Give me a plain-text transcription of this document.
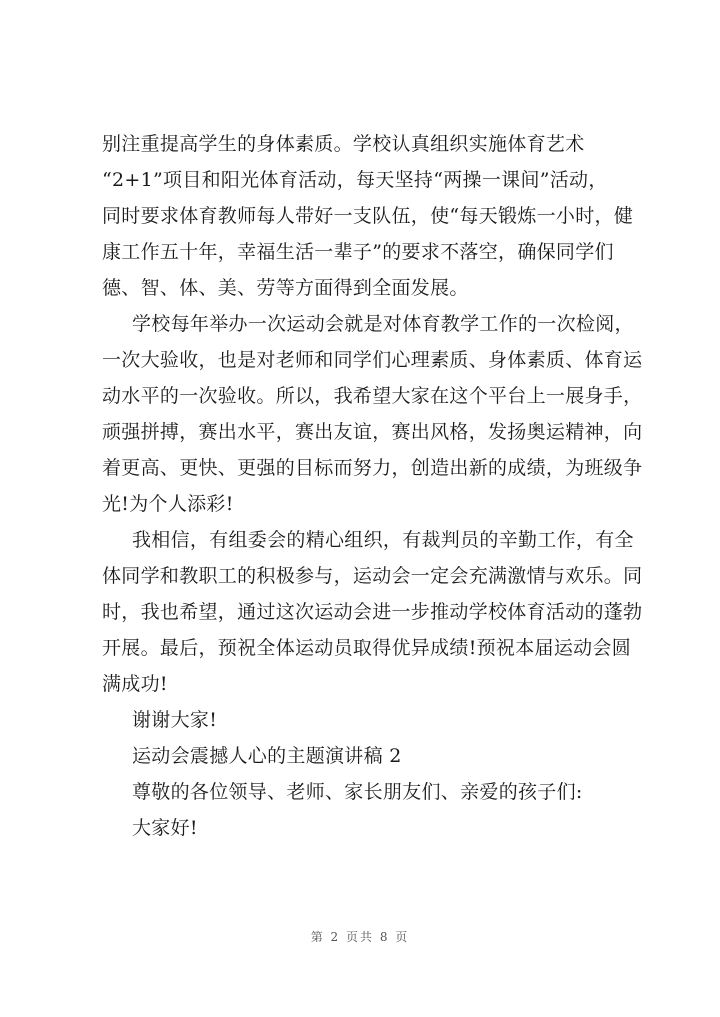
别注重提高学生的身体素质。学校认真组织实施体育艺术
“2+1”项目和阳光体育活动，每天坚持“两操一课间”活动，
同时要求体育教师每人带好一支队伍，使“每天锻炼一小时，健
康工作五十年，幸福生活一辈子”的要求不落空，确保同学们
德、智、体、美、劳等方面得到全面发展。

学校每年举办一次运动会就是对体育教学工作的一次检阅，
一次大验收，也是对老师和同学们心理素质、身体素质、体育运
动水平的一次验收。所以，我希望大家在这个平台上一展身手，
顽强拼搏，赛出水平，赛出友谊，赛出风格，发扬奥运精神，向
着更高、更快、更强的目标而努力，创造出新的成绩，为班级争
光!为个人添彩!

我相信，有组委会的精心组织，有裁判员的辛勤工作，有全
体同学和教职工的积极参与，运动会一定会充满激情与欢乐。同
时，我也希望，通过这次运动会进一步推动学校体育活动的蓬勃
开展。最后，预祝全体运动员取得优异成绩!预祝本届运动会圆
满成功!

谢谢大家!

运动会震撼人心的主题演讲稿 2

尊敬的各位领导、老师、家长朋友们、亲爱的孩子们:

大家好!

第 2 页共 8 页
